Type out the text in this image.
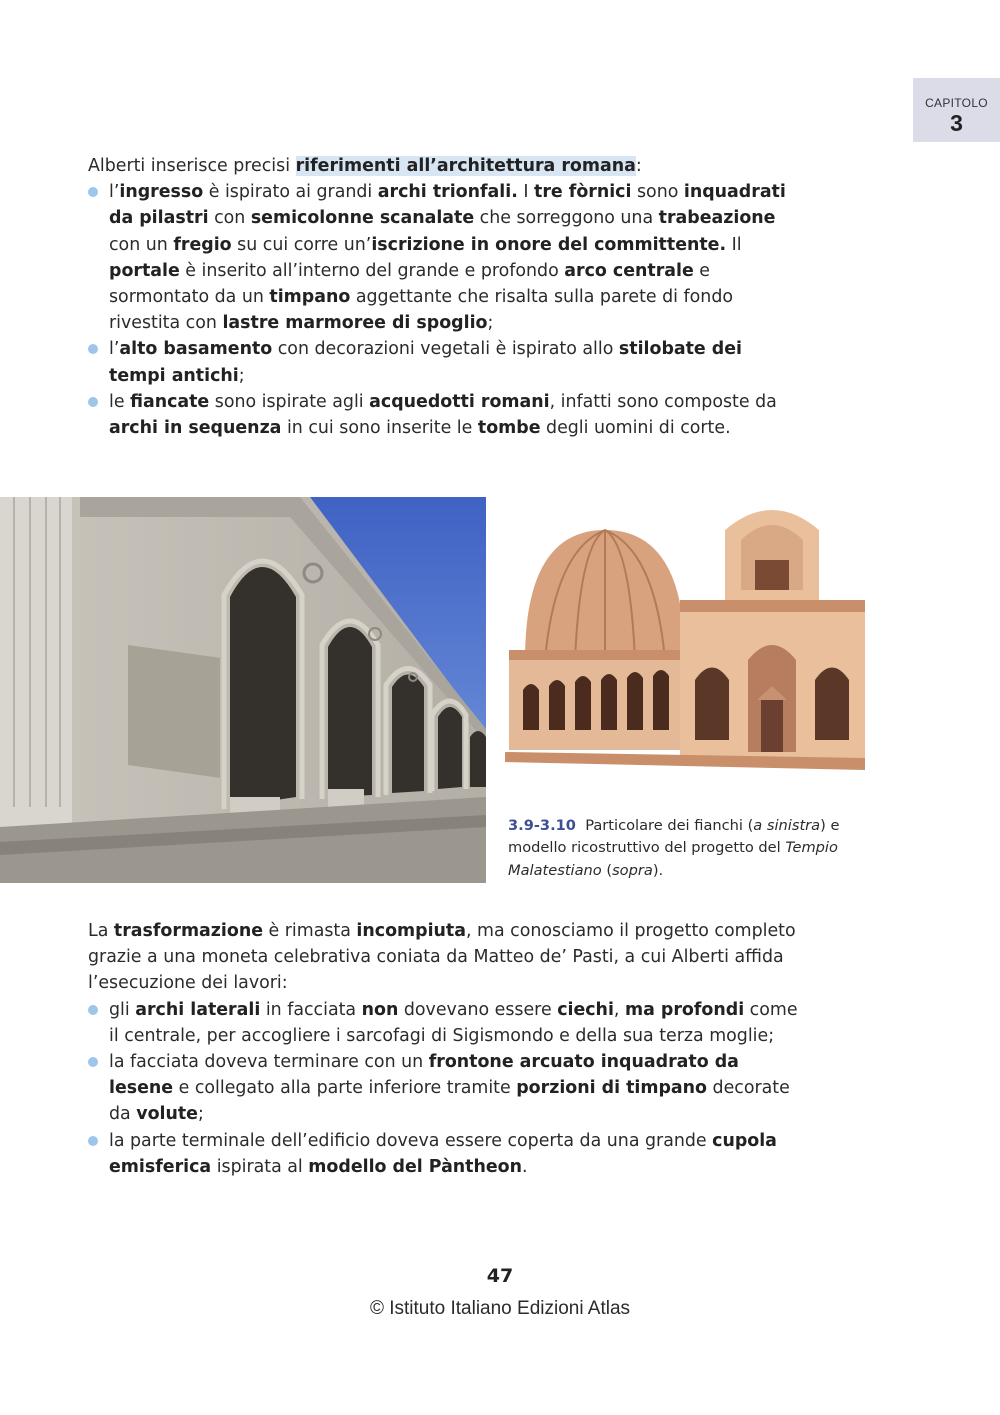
CAPITOLO
3

Alberti inserisce precisi riferimenti all’architettura romana:

l’ingresso è ispirato ai grandi archi trionfali. I tre fòrnici sono inquadrati da pilastri con semicolonne scanalate che sorreggono una trabeazione con un fregio su cui corre un’iscrizione in onore del committente. Il portale è inserito all’interno del grande e profondo arco centrale e sormontato da un timpano aggettante che risalta sulla parete di fondo rivestita con lastre marmoree di spoglio;
l’alto basamento con decorazioni vegetali è ispirato allo stilobate dei tempi antichi;
le fiancate sono ispirate agli acquedotti romani, infatti sono composte da archi in sequenza in cui sono inserite le tombe degli uomini di corte.
3.9-3.10 Particolare dei fianchi (a sinistra) e modello ricostruttivo del progetto del Tempio Malatestiano (sopra).

La trasformazione è rimasta incompiuta, ma conosciamo il progetto completo grazie a una moneta celebrativa coniata da Matteo de’ Pasti, a cui Alberti affida l’esecuzione dei lavori:

gli archi laterali in facciata non dovevano essere ciechi, ma profondi come il centrale, per accogliere i sarcofagi di Sigismondo e della sua terza moglie;
la facciata doveva terminare con un frontone arcuato inquadrato da lesene e collegato alla parte inferiore tramite porzioni di timpano decorate da volute;
la parte terminale dell’edificio doveva essere coperta da una grande cupola emisferica ispirata al modello del Pàntheon.
47
© Istituto Italiano Edizioni Atlas
